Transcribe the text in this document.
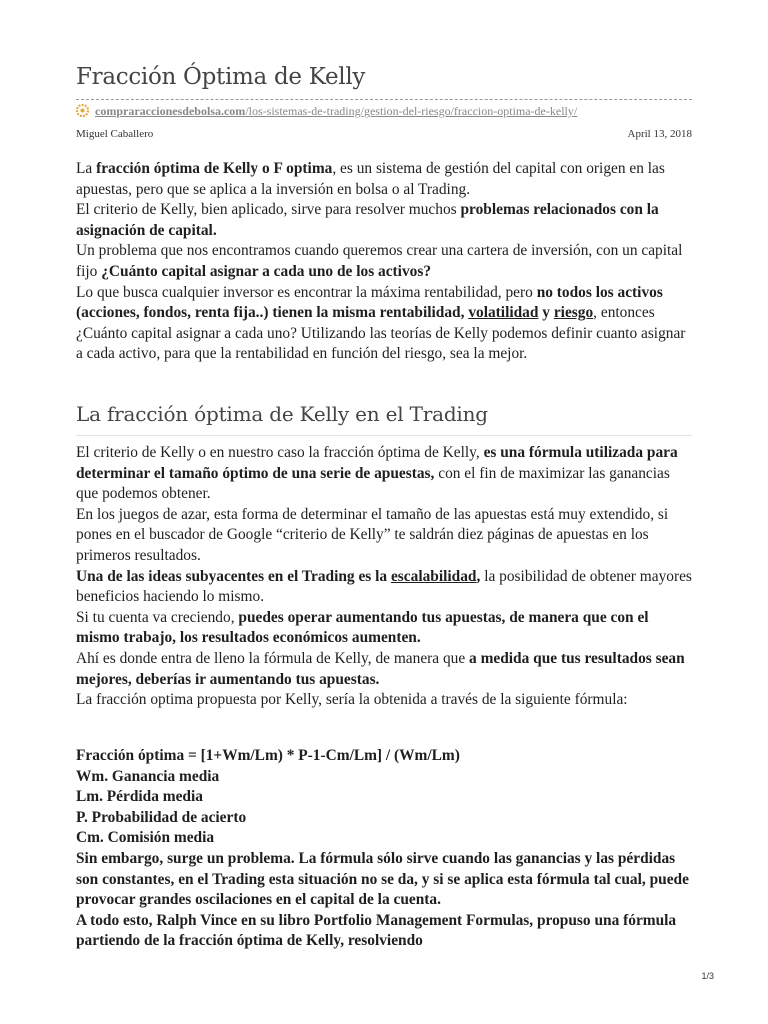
Fracción Óptima de Kelly
compraraccionesdebolsa.com/los-sistemas-de-trading/gestion-del-riesgo/fraccion-optima-de-kelly/
Miguel Caballero	April 13, 2018
La fracción óptima de Kelly o F optima, es un sistema de gestión del capital con origen en las apuestas, pero que se aplica a la inversión en bolsa o al Trading.
El criterio de Kelly, bien aplicado, sirve para resolver muchos problemas relacionados con la asignación de capital.
Un problema que nos encontramos cuando queremos crear una cartera de inversión, con un capital fijo ¿Cuánto capital asignar a cada uno de los activos?
Lo que busca cualquier inversor es encontrar la máxima rentabilidad, pero no todos los activos (acciones, fondos, renta fija..) tienen la misma rentabilidad, volatilidad y riesgo, entonces ¿Cuánto capital asignar a cada uno? Utilizando las teorías de Kelly podemos definir cuanto asignar a cada activo, para que la rentabilidad en función del riesgo, sea la mejor.
La fracción óptima de Kelly en el Trading
El criterio de Kelly o en nuestro caso la fracción óptima de Kelly, es una fórmula utilizada para determinar el tamaño óptimo de una serie de apuestas, con el fin de maximizar las ganancias que podemos obtener.
En los juegos de azar, esta forma de determinar el tamaño de las apuestas está muy extendido, si pones en el buscador de Google “criterio de Kelly” te saldrán diez páginas de apuestas en los primeros resultados.
Una de las ideas subyacentes en el Trading es la escalabilidad, la posibilidad de obtener mayores beneficios haciendo lo mismo.
Si tu cuenta va creciendo, puedes operar aumentando tus apuestas, de manera que con el mismo trabajo, los resultados económicos aumenten.
Ahí es donde entra de lleno la fórmula de Kelly, de manera que a medida que tus resultados sean mejores, deberías ir aumentando tus apuestas.
La fracción optima propuesta por Kelly, sería la obtenida a través de la siguiente fórmula:
Fracción óptima = [1+Wm/Lm) * P-1-Cm/Lm] / (Wm/Lm)
Wm. Ganancia media
Lm. Pérdida media
P. Probabilidad de acierto
Cm. Comisión media
Sin embargo, surge un problema. La fórmula sólo sirve cuando las ganancias y las pérdidas son constantes, en el Trading esta situación no se da, y si se aplica esta fórmula tal cual, puede provocar grandes oscilaciones en el capital de la cuenta.
A todo esto, Ralph Vince en su libro Portfolio Management Formulas, propuso una fórmula partiendo de la fracción óptima de Kelly, resolviendo
1/3
